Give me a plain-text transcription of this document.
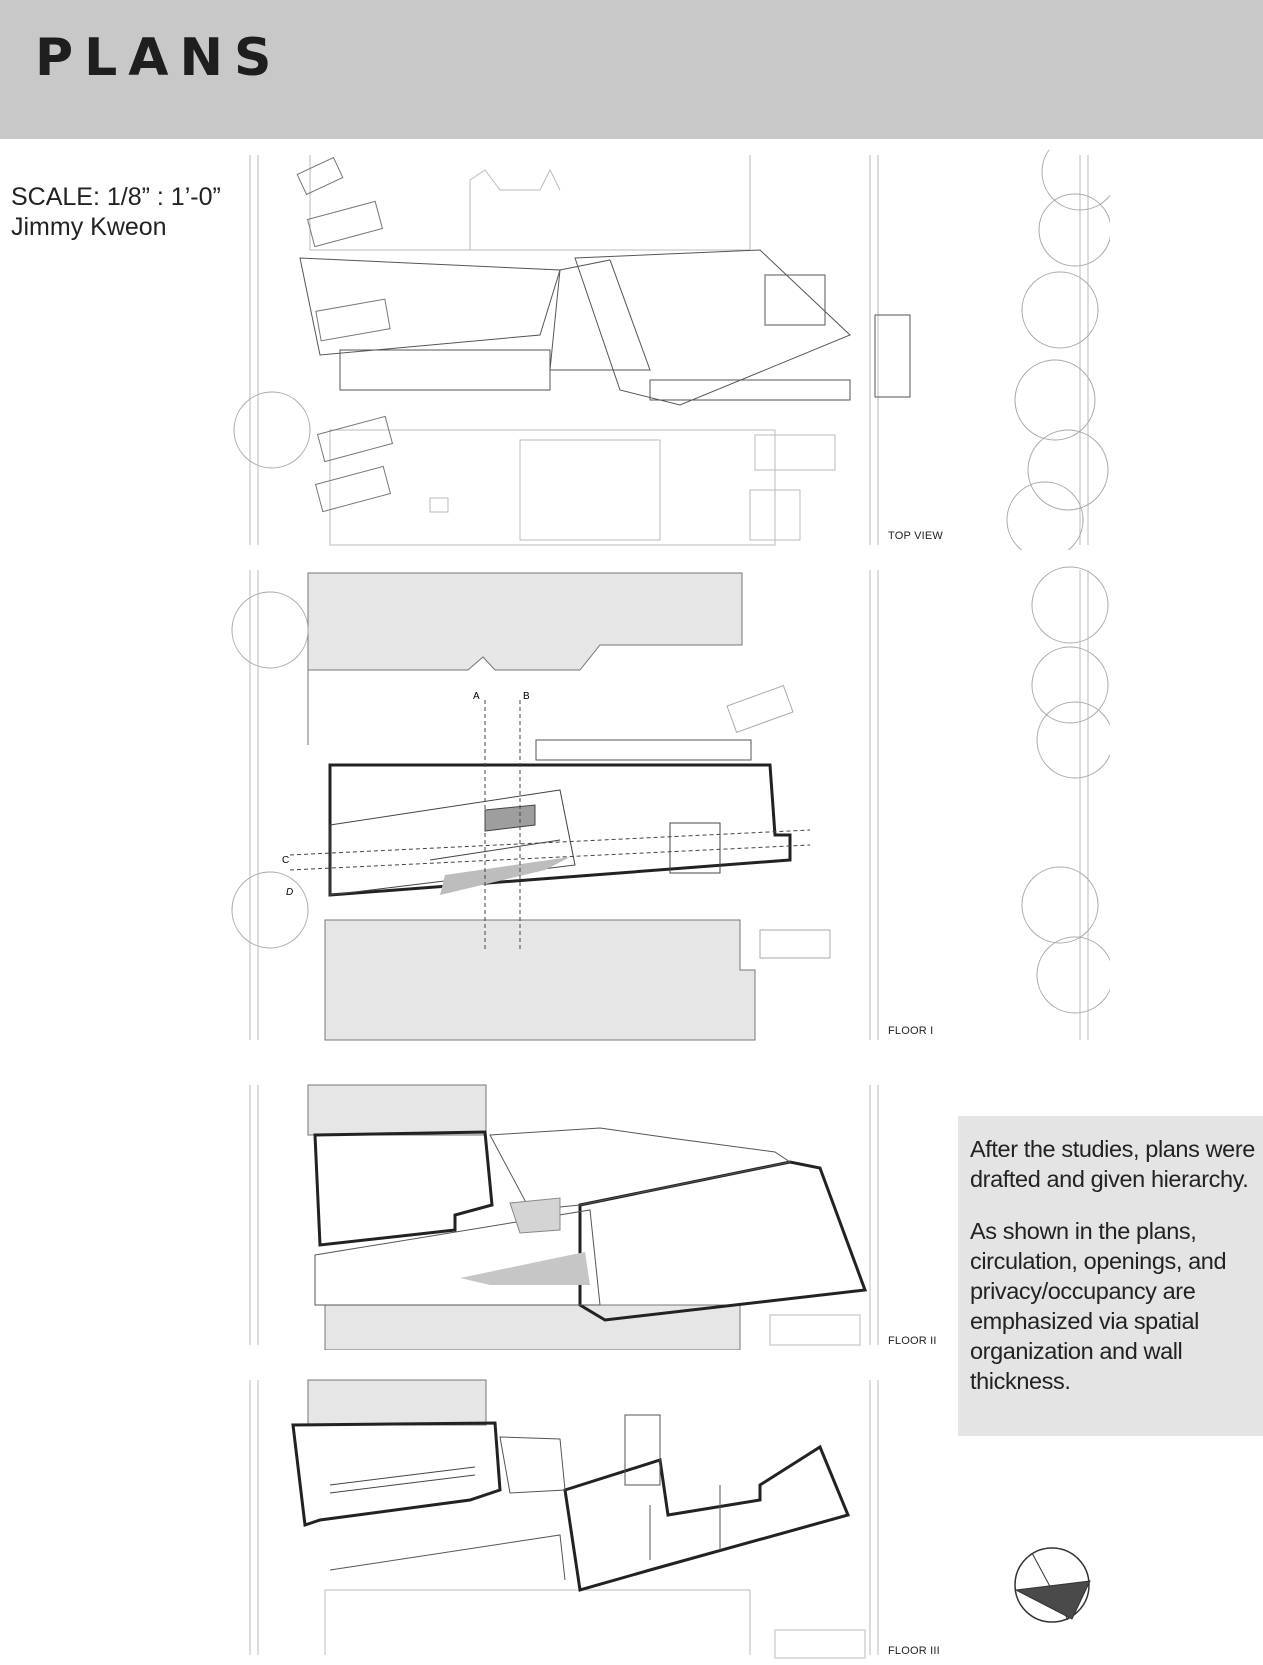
PLANS
SCALE: 1/8” : 1’-0”
Jimmy Kweon
TOP VIEW
A	B
C
D
FLOOR I
FLOOR II
FLOOR III

After the studies, plans were drafted and given hierarchy.

As shown in the plans, circulation, openings, and privacy/occupancy are emphasized via spatial organization and wall thickness.
